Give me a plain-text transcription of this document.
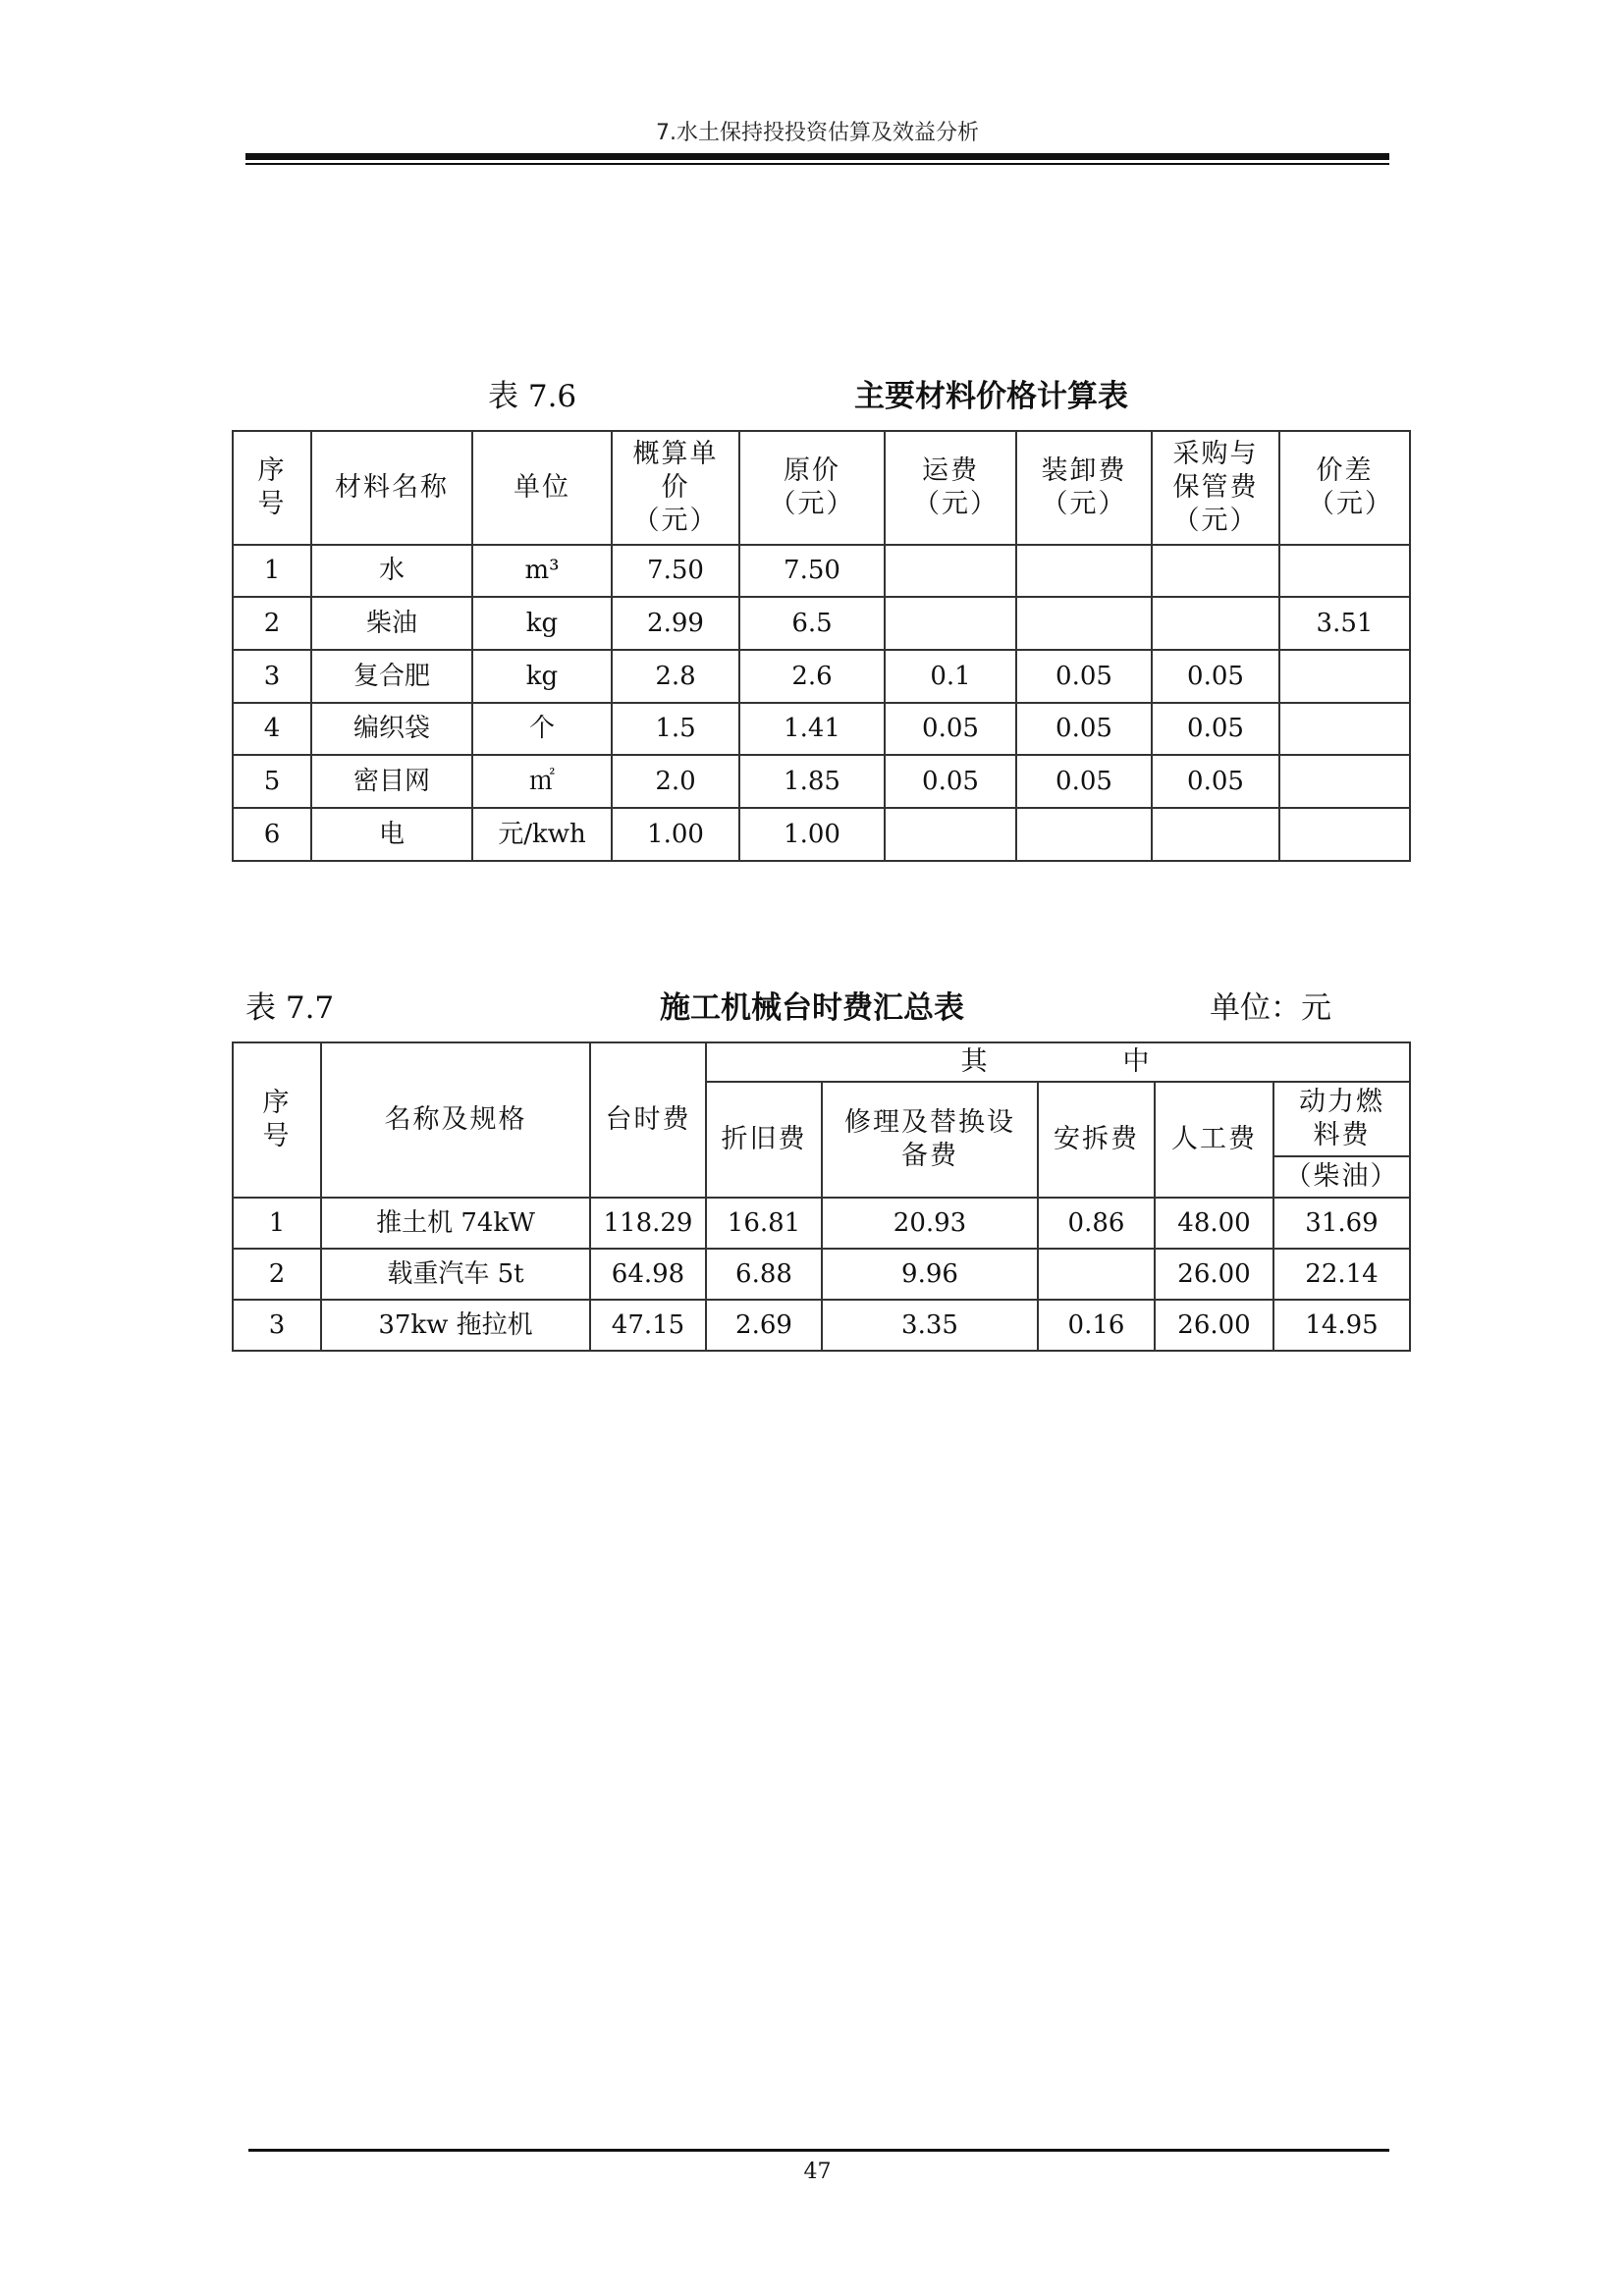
7.水土保持投投资估算及效益分析
表 7.6	主要材料价格计算表
序号	材料名称	单位	概算单价（元）	原价（元）	运费（元）	装卸费（元）	采购与保管费（元）	价差（元）
1	水	m³	7.50	7.50				
2	柴油	kg	2.99	6.5				3.51
3	复合肥	kg	2.8	2.6	0.1	0.05	0.05	
4	编织袋	个	1.5	1.41	0.05	0.05	0.05	
5	密目网	㎡	2.0	1.85	0.05	0.05	0.05	
6	电	元/kwh	1.00	1.00				
表 7.7	施工机械台时费汇总表	单位：元
序号	名称及规格	台时费	其　　　　中				
			折旧费	修理及替换设备费	安拆费	人工费	动力燃料费
							（柴油）
1	推土机 74kW	118.29	16.81	20.93	0.86	48.00	31.69
2	载重汽车 5t	64.98	6.88	9.96		26.00	22.14
3	37kw 拖拉机	47.15	2.69	3.35	0.16	26.00	14.95
47
